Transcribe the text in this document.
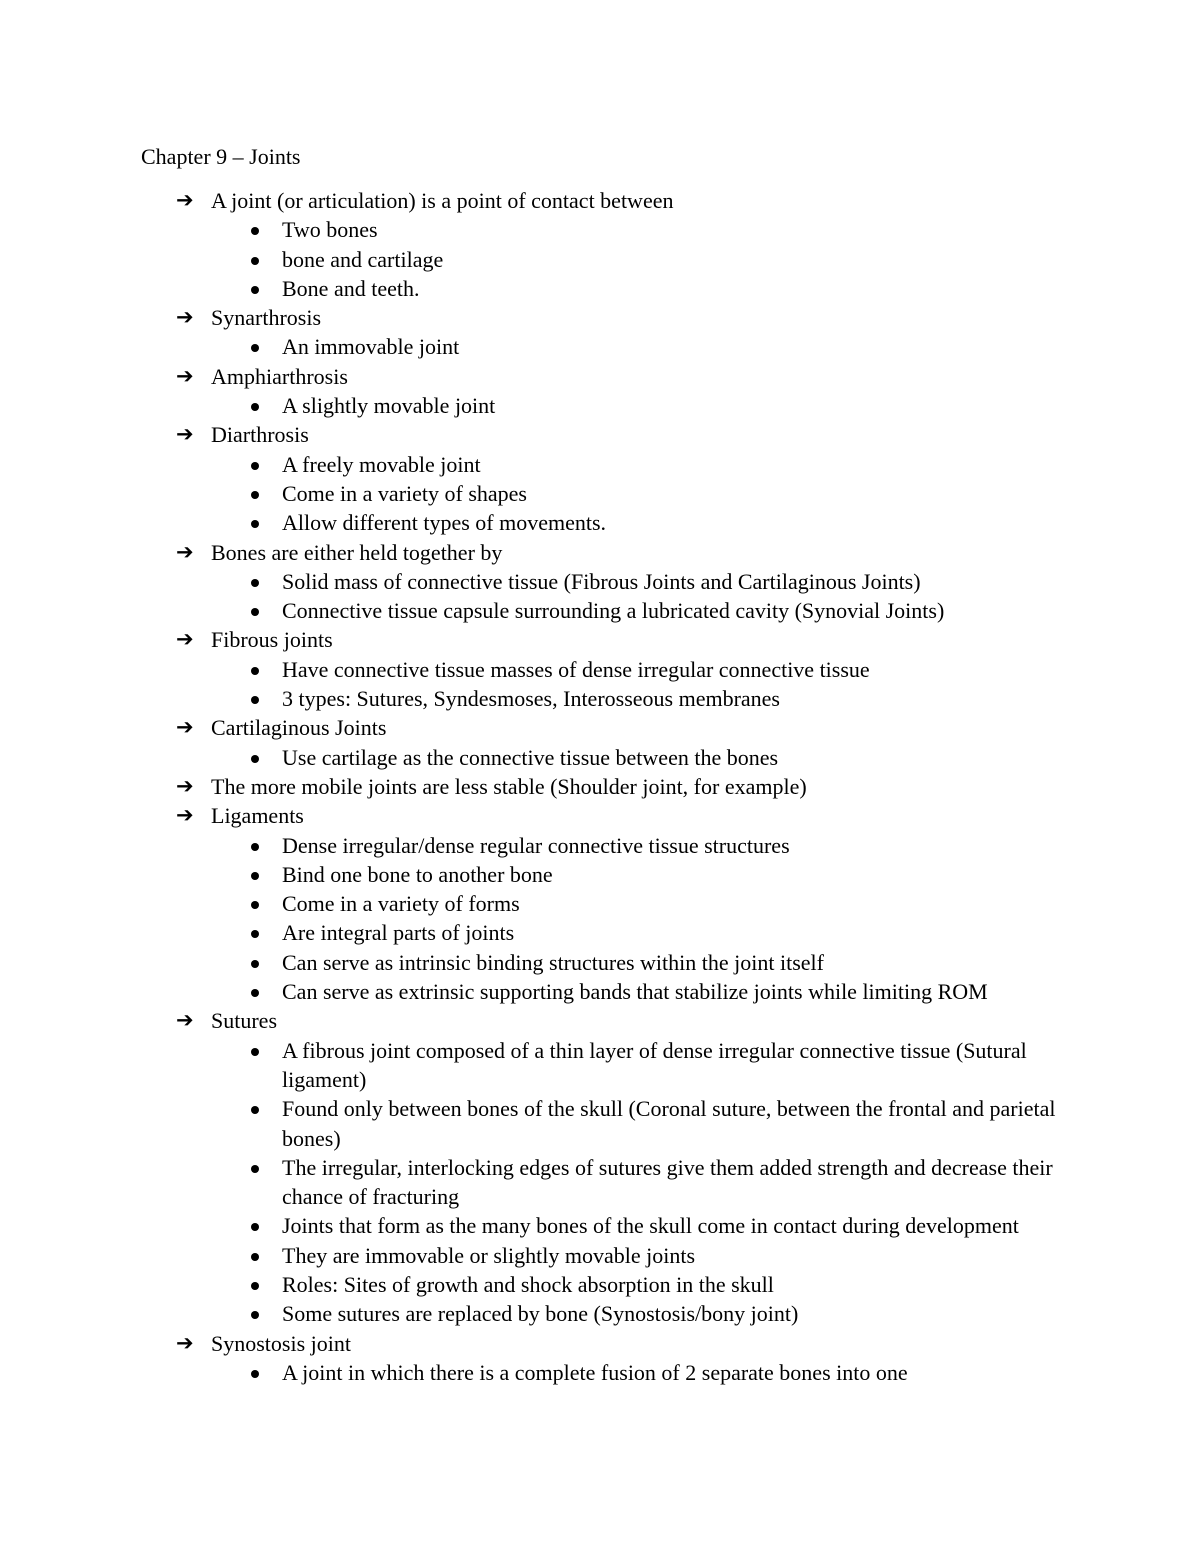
Chapter 9 – Joints
➔ A joint (or articulation) is a point of contact between
Two bones
bone and cartilage
Bone and teeth.
➔ Synarthrosis
An immovable joint
➔ Amphiarthrosis
A slightly movable joint
➔ Diarthrosis
A freely movable joint
Come in a variety of shapes
Allow different types of movements.
➔ Bones are either held together by
Solid mass of connective tissue (Fibrous Joints and Cartilaginous Joints)
Connective tissue capsule surrounding a lubricated cavity (Synovial Joints)
➔ Fibrous joints
Have connective tissue masses of dense irregular connective tissue
3 types: Sutures, Syndesmoses, Interosseous membranes
➔ Cartilaginous Joints
Use cartilage as the connective tissue between the bones
➔ The more mobile joints are less stable (Shoulder joint, for example)
➔ Ligaments
Dense irregular/dense regular connective tissue structures
Bind one bone to another bone
Come in a variety of forms
Are integral parts of joints
Can serve as intrinsic binding structures within the joint itself
Can serve as extrinsic supporting bands that stabilize joints while limiting ROM
➔ Sutures
A fibrous joint composed of a thin layer of dense irregular connective tissue (Sutural ligament)
Found only between bones of the skull (Coronal suture, between the frontal and parietal bones)
The irregular, interlocking edges of sutures give them added strength and decrease their chance of fracturing
Joints that form as the many bones of the skull come in contact during development
They are immovable or slightly movable joints
Roles: Sites of growth and shock absorption in the skull
Some sutures are replaced by bone (Synostosis/bony joint)
➔ Synostosis joint
A joint in which there is a complete fusion of 2 separate bones into one
